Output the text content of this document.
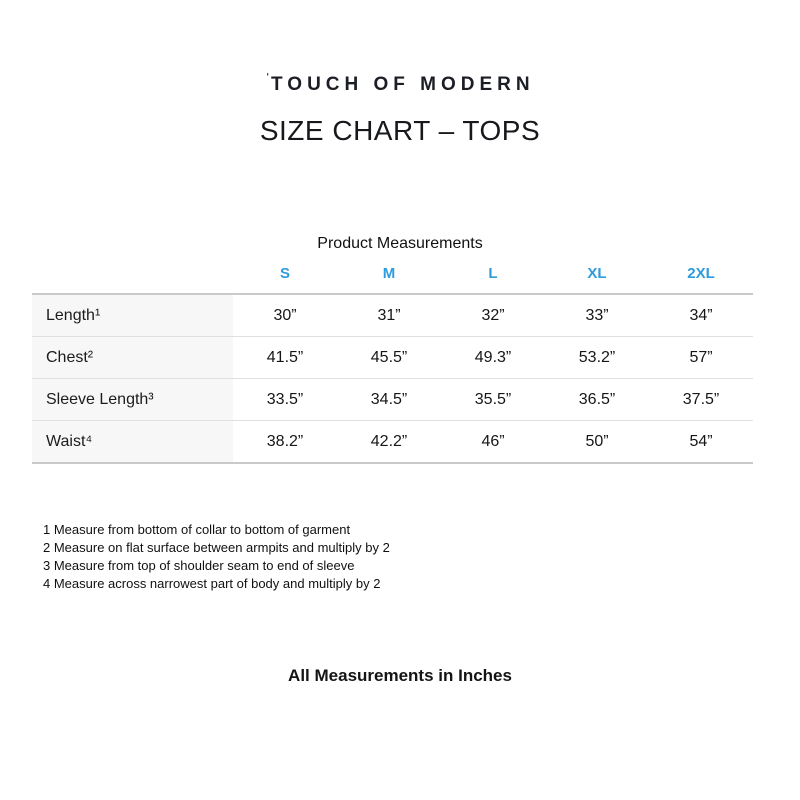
$^ˈ$TOUCH OF MODERN
SIZE CHART – TOPS
Product Measurements
	S	M	L	XL	2XL
Length¹	30”	31”	32”	33”	34”
Chest²	41.5”	45.5”	49.3”	53.2”	57”
Sleeve Length³	33.5”	34.5”	35.5”	36.5”	37.5”
Waist⁴	38.2”	42.2”	46”	50”	54”

1 Measure from bottom of collar to bottom of garment

2 Measure on flat surface between armpits and multiply by 2

3 Measure from top of shoulder seam to end of sleeve

4 Measure across narrowest part of body and multiply by 2

All Measurements in Inches
